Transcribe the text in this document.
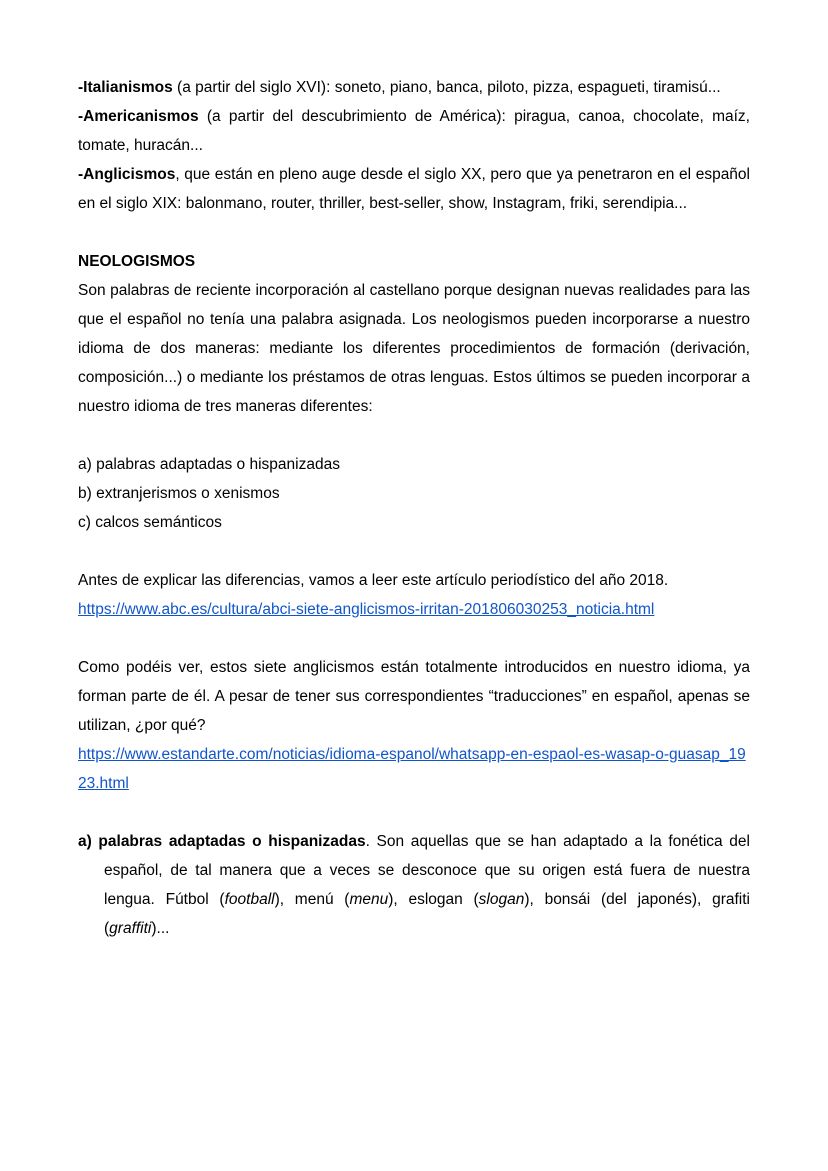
-Italianismos (a partir del siglo XVI): soneto, piano, banca, piloto, pizza, espagueti, tiramisú...

-Americanismos (a partir del descubrimiento de América): piragua, canoa, chocolate, maíz, tomate, huracán...

-Anglicismos, que están en pleno auge desde el siglo XX, pero que ya penetraron en el español en el siglo XIX: balonmano, router, thriller, best-seller, show, Instagram, friki, serendipia...

NEOLOGISMOS

Son palabras de reciente incorporación al castellano porque designan nuevas realidades para las que el español no tenía una palabra asignada. Los neologismos pueden incorporarse a nuestro idioma de dos maneras: mediante los diferentes procedimientos de formación (derivación, composición...) o mediante los préstamos de otras lenguas. Estos últimos se pueden incorporar a nuestro idioma de tres maneras diferentes:

a) palabras adaptadas o hispanizadas

b) extranjerismos o xenismos

c) calcos semánticos

Antes de explicar las diferencias, vamos a leer este artículo periodístico del año 2018.

https://www.abc.es/cultura/abci-siete-anglicismos-irritan-201806030253_noticia.html

Como podéis ver, estos siete anglicismos están totalmente introducidos en nuestro idioma, ya forman parte de él. A pesar de tener sus correspondientes “traducciones” en español, apenas se utilizan, ¿por qué?

https://www.estandarte.com/noticias/idioma-espanol/whatsapp-en-espaol-es-wasap-o-guasap_1923.html

a) palabras adaptadas o hispanizadas. Son aquellas que se han adaptado a la fonética del español, de tal manera que a veces se desconoce que su origen está fuera de nuestra lengua. Fútbol (football), menú (menu), eslogan (slogan), bonsái (del japonés), grafiti (graffiti)...
